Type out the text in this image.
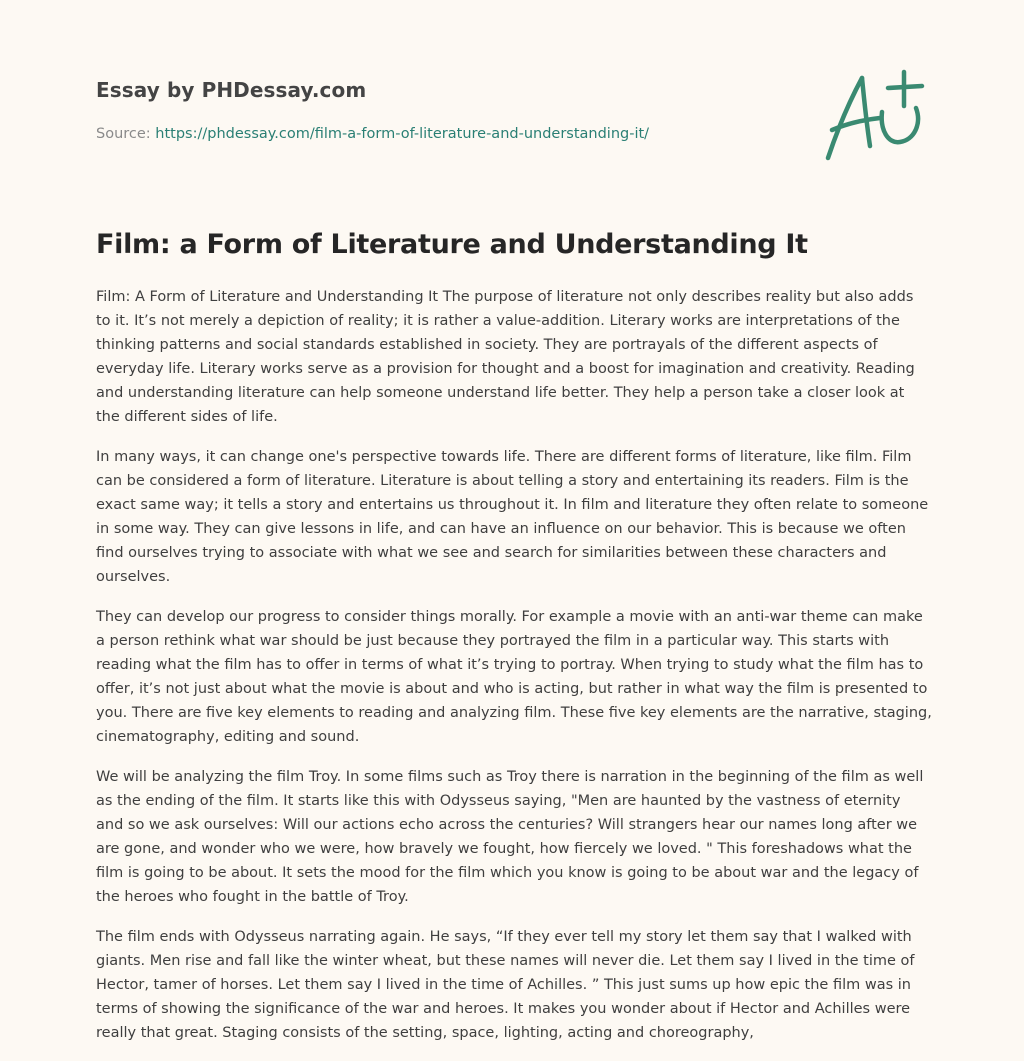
Essay by PHDessay.com
Source: https://phdessay.com/film-a-form-of-literature-and-understanding-it/
Film: a Form of Literature and Understanding It

Film: A Form of Literature and Understanding It The purpose of literature not only describes reality but also adds to it. It’s not merely a depiction of reality; it is rather a value-addition. Literary works are interpretations of the thinking patterns and social standards established in society. They are portrayals of the different aspects of everyday life. Literary works serve as a provision for thought and a boost for imagination and creativity. Reading and understanding literature can help someone understand life better. They help a person take a closer look at the different sides of life.

In many ways, it can change one's perspective towards life. There are different forms of literature, like film. Film can be considered a form of literature. Literature is about telling a story and entertaining its readers. Film is the exact same way; it tells a story and entertains us throughout it. In film and literature they often relate to someone in some way. They can give lessons in life, and can have an influence on our behavior. This is because we often find ourselves trying to associate with what we see and search for similarities between these characters and ourselves.

They can develop our progress to consider things morally. For example a movie with an anti-war theme can make a person rethink what war should be just because they portrayed the film in a particular way. This starts with reading what the film has to offer in terms of what it’s trying to portray. When trying to study what the film has to offer, it’s not just about what the movie is about and who is acting, but rather in what way the film is presented to you. There are five key elements to reading and analyzing film. These five key elements are the narrative, staging, cinematography, editing and sound.

We will be analyzing the film Troy. In some films such as Troy there is narration in the beginning of the film as well as the ending of the film. It starts like this with Odysseus saying, "Men are haunted by the vastness of eternity and so we ask ourselves: Will our actions echo across the centuries? Will strangers hear our names long after we are gone, and wonder who we were, how bravely we fought, how fiercely we loved. " This foreshadows what the film is going to be about. It sets the mood for the film which you know is going to be about war and the legacy of the heroes who fought in the battle of Troy.

The film ends with Odysseus narrating again. He says, “If they ever tell my story let them say that I walked with giants. Men rise and fall like the winter wheat, but these names will never die. Let them say I lived in the time of Hector, tamer of horses. Let them say I lived in the time of Achilles. ” This just sums up how epic the film was in terms of showing the significance of the war and heroes. It makes you wonder about if Hector and Achilles were really that great. Staging consists of the setting, space, lighting, acting and choreography,
